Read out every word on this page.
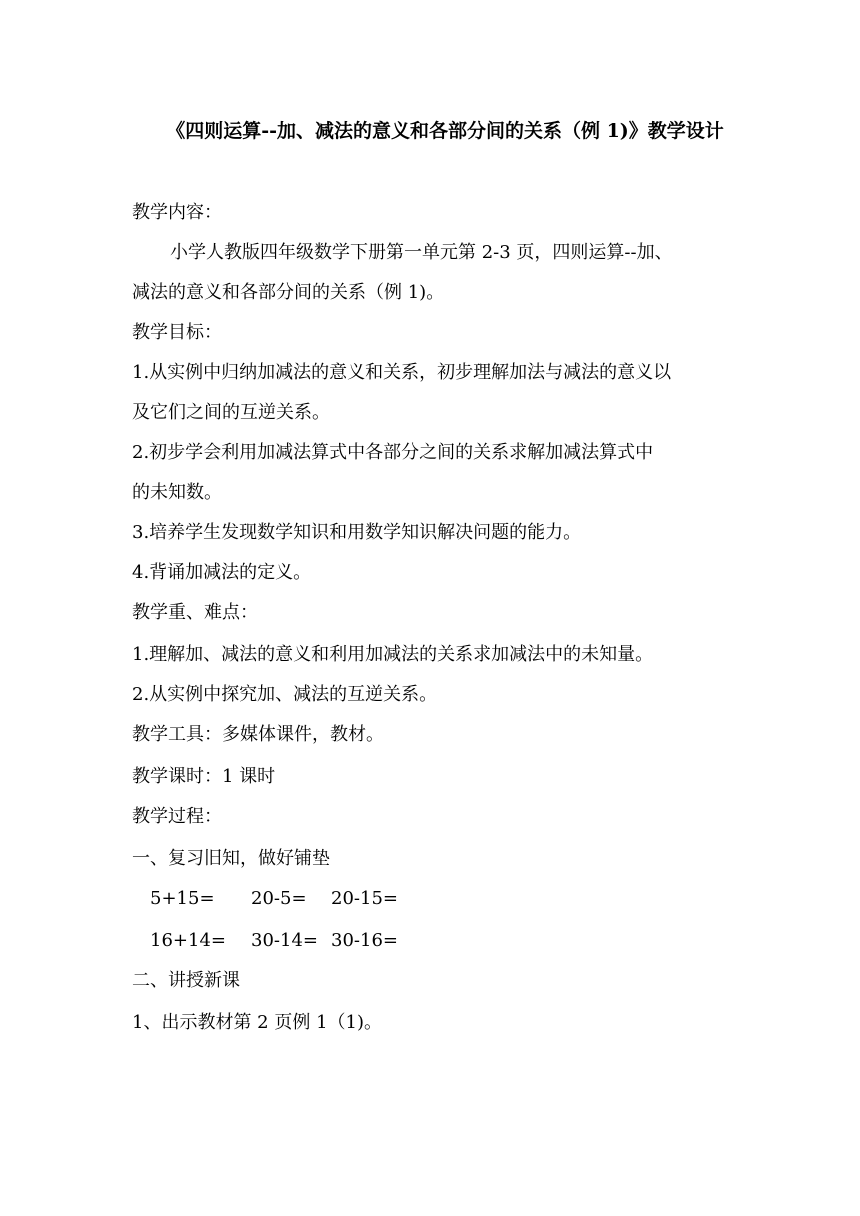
《四则运算--加、减法的意义和各部分间的关系（例 1)》教学设计
教学内容：
小学人教版四年级数学下册第一单元第 2-3 页，四则运算--加、
减法的意义和各部分间的关系（例 1)。
教学目标：
1.从实例中归纳加减法的意义和关系，初步理解加法与减法的意义以
及它们之间的互逆关系。
2.初步学会利用加减法算式中各部分之间的关系求解加减法算式中
的未知数。
3.培养学生发现数学知识和用数学知识解决问题的能力。
4.背诵加减法的定义。
教学重、难点：
1.理解加、减法的意义和利用加减法的关系求加减法中的未知量。
2.从实例中探究加、减法的互逆关系。
教学工具：多媒体课件，教材。
教学课时：1 课时
教学过程：
一、复习旧知，做好铺垫
5+15= 20-5= 20-15=
16+14= 30-14= 30-16=
二、讲授新课
1、出示教材第 2 页例 1（1)。
